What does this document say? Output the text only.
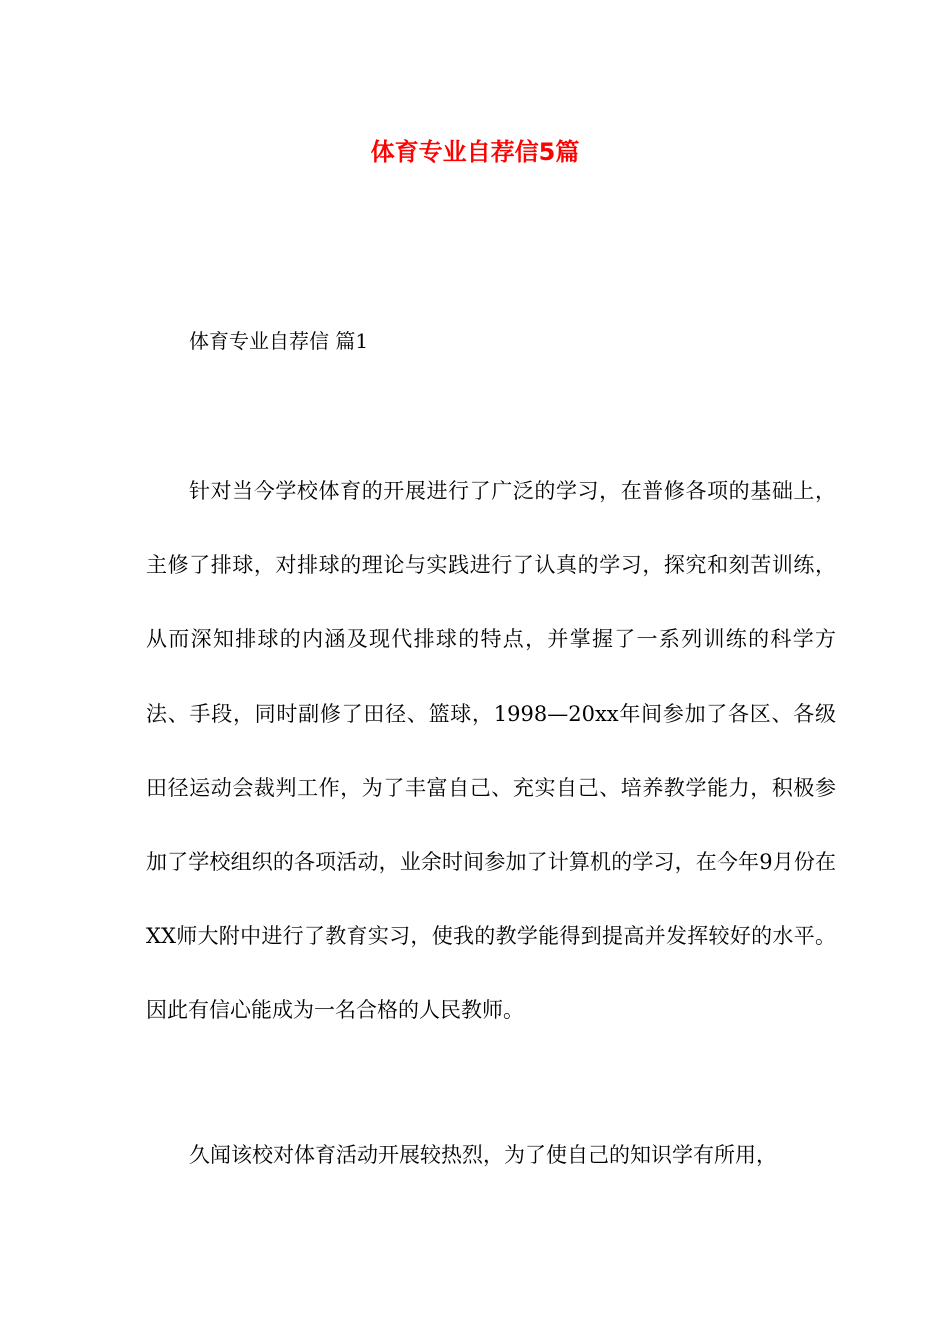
体育专业自荐信5篇
体育专业自荐信 篇1

针对当今学校体育的开展进行了广泛的学习，在普修各项的基础上，主修了排球，对排球的理论与实践进行了认真的学习，探究和刻苦训练，从而深知排球的内涵及现代排球的特点，并掌握了一系列训练的科学方法、手段，同时副修了田径、篮球，1998—20xx年间参加了各区、各级田径运动会裁判工作，为了丰富自己、充实自己、培养教学能力，积极参加了学校组织的各项活动，业余时间参加了计算机的学习，在今年9月份在XX师大附中进行了教育实习，使我的教学能得到提高并发挥较好的水平。因此有信心能成为一名合格的人民教师。

久闻该校对体育活动开展较热烈，为了使自己的知识学有所用，
